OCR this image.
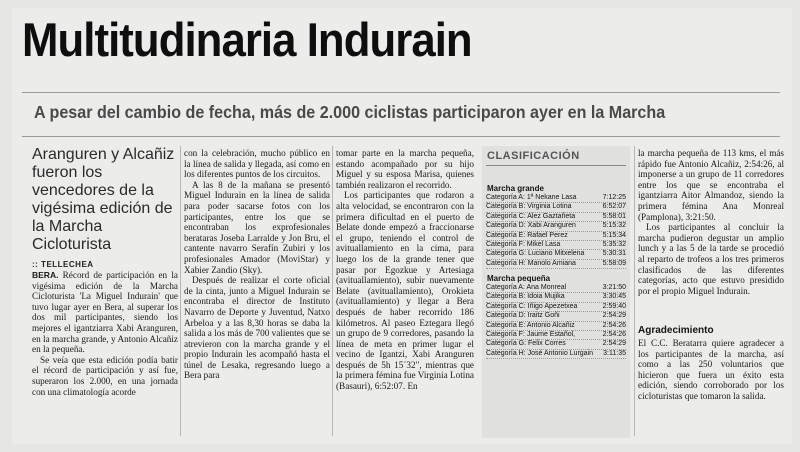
Multitudinaria Indurain
A pesar del cambio de fecha, más de 2.000 ciclistas participaron ayer en la Marcha

Aranguren y Alcañiz fueron los vencedores de la vigésima edición de la Marcha Cicloturista

:: TELLECHEA

BERA. Récord de participación en la vigésima edición de la Marcha Cicloturista 'La Miguel Indurain' que tuvo lugar ayer en Bera, al superar los dos mil participantes, siendo los mejores el igantziarra Xabi Aranguren, en la marcha grande, y Antonio Alcañiz en la pequeña.

Se veía que esta edición podía batir el récord de participación y así fue, superaron los 2.000, en una jornada con una climatología acorde

con la celebración, mucho público en la línea de salida y llegada, así como en los diferentes puntos de los circuitos.

A las 8 de la mañana se presentó Miguel Indurain en la línea de salida para poder sacarse fotos con los participantes, entre los que se encontraban los exprofesionales berataras Joseba Larralde y Jon Bru, el cantente navarro Serafín Zubiri y los profesionales Amador (MoviStar) y Xabier Zandio (Sky).

Después de realizar el corte oficial de la cinta, junto a Miguel Indurain se encontraba el director de Instituto Navarro de Deporte y Juventud, Natxo Arbeloa y a las 8,30 horas se daba la salida a los más de 700 valientes que se atrevieron con la marcha grande y el propio Indurain les acompañó hasta el túnel de Lesaka, regresando luego a Bera para

tomar parte en la marcha pequeña, estando acompañado por su hijo Miguel y su esposa Marisa, quienes también realizaron el recorrido.

Los participantes que rodaron a alta velocidad, se encontraron con la primera dificultad en el puerto de Belate donde empezó a fraccionarse el grupo, teniendo el control de avituallamiento en la cima, para luego los de la grande tener que pasar por Egozkue y Artesiaga (avituallamiento), subir nuevamente Belate (avituallamiento), Orokieta (avituallamiento) y llegar a Bera después de haber recorrido 186 kilómetros. Al paseo Eztegara llegó un grupo de 9 corredores, pasando la línea de meta en primer lugar el vecino de Igantzi, Xabi Aranguren después de 5h 15´32", mientras que la primera fémina fue Virginia Lotina (Basauri), 6:52:07. En

CLASIFICACIÓN
Marcha grande
Categoría A: 1ª Nekane Lasa	7:12:25
Categoría B: Virginia Lotina	6:52:07
Categoría C: Alez Gaztañeta	5:58:01
Categoría D: Xabi Aranguren	5:15:32
Categoría E: Rafael Perez	5:15:34
Categoría F: Mikel Lasa	5:35:32
Categoría G: Luciano Mitxelena	5:30:31
Categoría H: Manolo Amiana	5:58:09
Marcha pequeña
Categoría A: Ana Monreal	3:21:50
Categoría B: Idoia Mujika	3:30:45
Categoría C: Iñigo Apezetxea	2:59:40
Categoría D: Iraitz Goñi	2:54:29
Categoría E: Antonio Alcañiz	2:54:26
Categoría F: Jaume Estañol,	2:54:26
Categoría G: Felix Corres	2:54:29
Categoría H: José Antonio Lurgain 3:11:35

la marcha pequeña de 113 kms, el más rápido fue Antonio Alcañiz, 2:54:26, al imponerse a un grupo de 11 corredores entre los que se encontraba el igantziarra Aitor Almandoz, siendo la primera fémina Ana Monreal (Pamplona), 3:21:50.

Los participantes al concluir la marcha pudieron degustar un amplio lunch y a las 5 de la tarde se procedió al reparto de trofeos a los tres primeros clasificados de las diferentes categorías, acto que estuvo presidido por el propio Miguel Indurain.

Agradecimiento

El C.C. Beratarra quiere agradecer a los participantes de la marcha, así como a las 250 voluntarios que hicieron que fuera un éxito esta edición, siendo corroborado por los cicloturistas que tomaron la salida.
